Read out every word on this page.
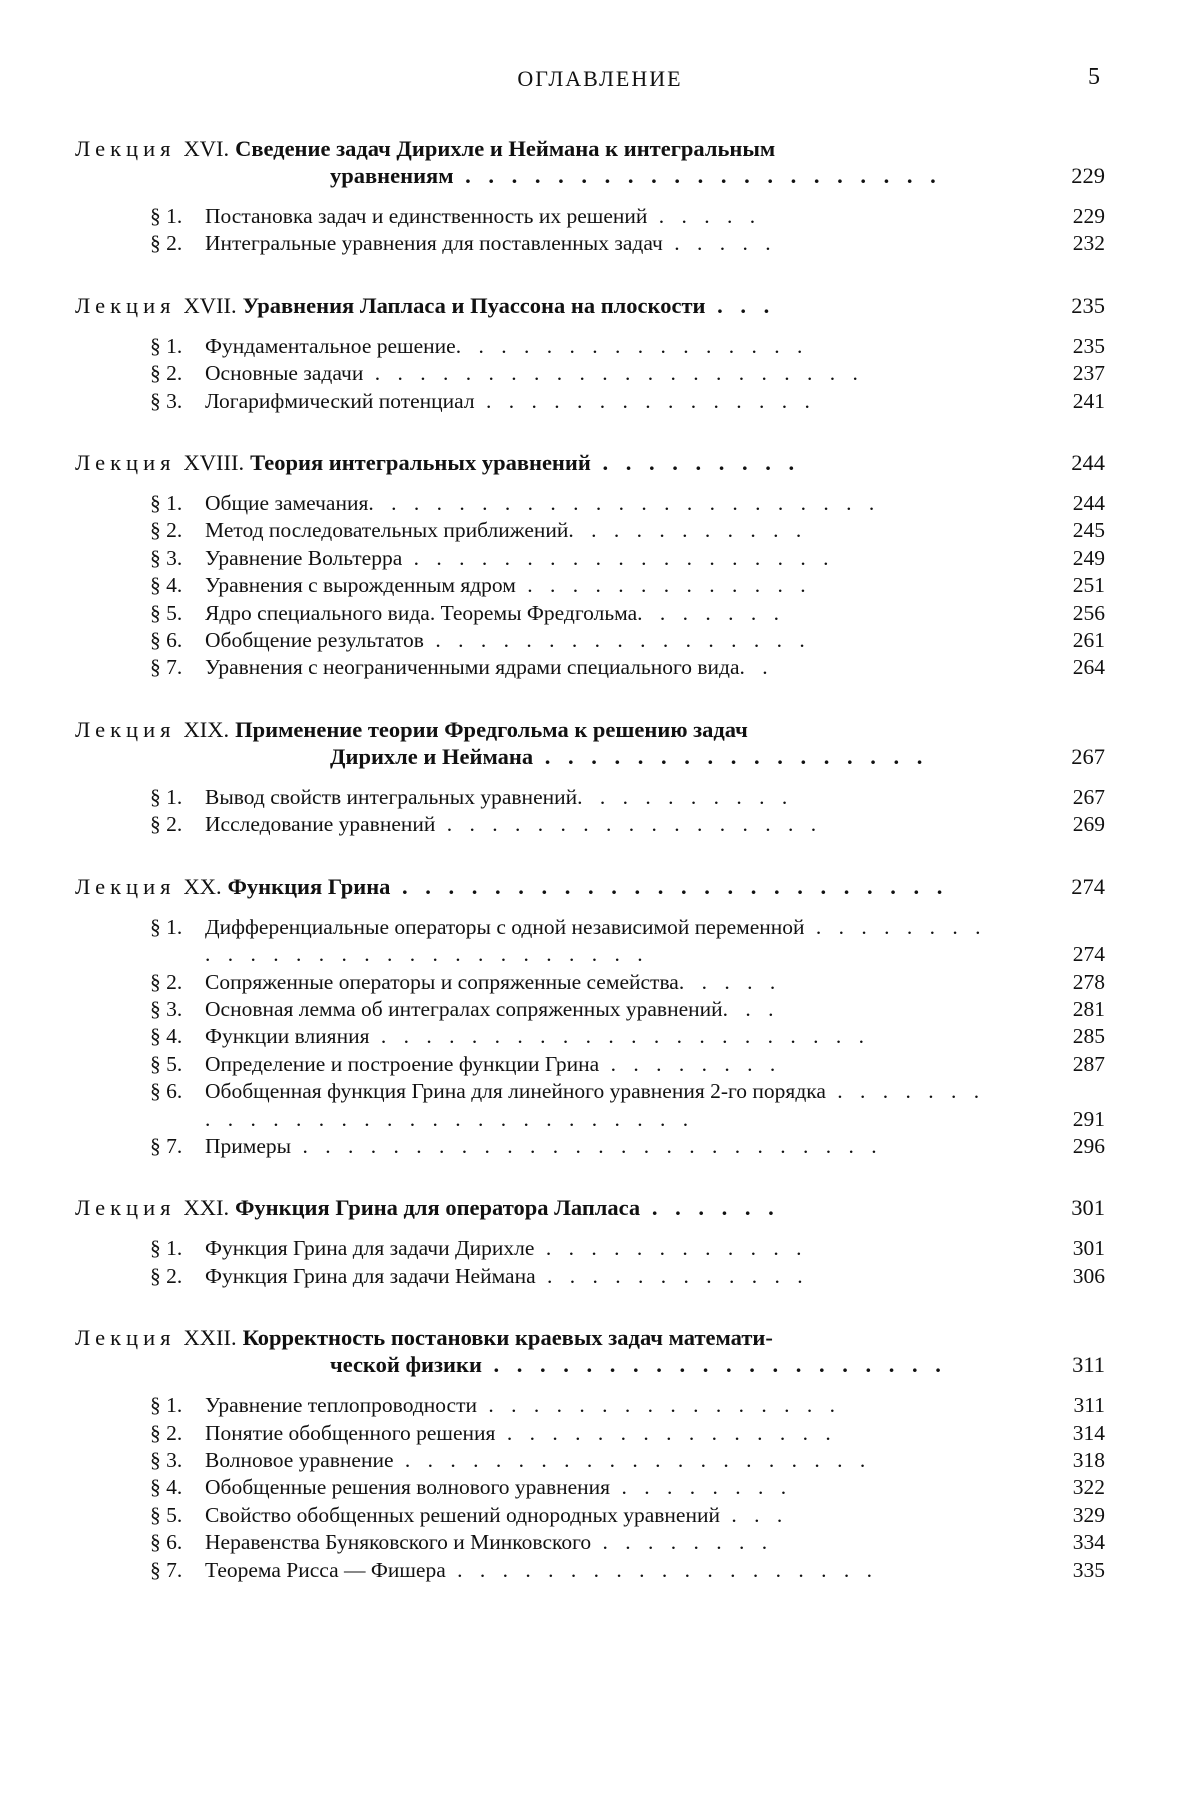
ОГЛАВЛЕНИЕ	5
Лекция XVI. Сведение задач Дирихле и Неймана к интегральным
уравнениям . . . . . . . . . . . . . . . . . . . . .	229
§ 1.	Постановка задач и единственность их решений . . . . .	229
§ 2.	Интегральные уравнения для поставленных задач . . . . .	232
Лекция XVII. Уравнения Лапласа и Пуассона на плоскости . . .	235
§ 1.	Фундаментальное решение. . . . . . . . . . . . . . . .	235
§ 2.	Основные задачи . . . . . . . . . . . . . . . . . . . . . .	237
§ 3.	Логарифмический потенциал . . . . . . . . . . . . . . .	241
Лекция XVIII. Теория интегральных уравнений . . . . . . . . .	244
§ 1.	Общие замечания. . . . . . . . . . . . . . . . . . . . . . .	244
§ 2.	Метод последовательных приближений. . . . . . . . . . .	245
§ 3.	Уравнение Вольтерра . . . . . . . . . . . . . . . . . . .	249
§ 4.	Уравнения с вырожденным ядром . . . . . . . . . . . . .	251
§ 5.	Ядро специального вида. Теоремы Фредгольма. . . . . . .	256
§ 6.	Обобщение результатов . . . . . . . . . . . . . . . . .	261
§ 7.	Уравнения с неограниченными ядрами специального вида. .	264
Лекция XIX. Применение теории Фредгольма к решению задач
Дирихле и Неймана . . . . . . . . . . . . . . . . .	267
§ 1.	Вывод свойств интегральных уравнений. . . . . . . . . .	267
§ 2.	Исследование уравнений . . . . . . . . . . . . . . . . .	269
Лекция XX. Функция Грина . . . . . . . . . . . . . . . . . . . . . . . .	274
§ 1.	Дифференциальные операторы с одной независимой переменной . . . . . . . . . . . . . . . . . . . . . . . . . . . .	274
§ 2.	Сопряженные операторы и сопряженные семейства. . . . .	278
§ 3.	Основная лемма об интегралах сопряженных уравнений. . .	281
§ 4.	Функции влияния . . . . . . . . . . . . . . . . . . . . . .	285
§ 5.	Определение и построение функции Грина . . . . . . . .	287
§ 6.	Обобщенная функция Грина для линейного уравнения 2-го порядка . . . . . . . . . . . . . . . . . . . . . . . . . . . . .	291
§ 7.	Примеры . . . . . . . . . . . . . . . . . . . . . . . . . .	296
Лекция XXI. Функция Грина для оператора Лапласа . . . . . .	301
§ 1.	Функция Грина для задачи Дирихле . . . . . . . . . . . .	301
§ 2.	Функция Грина для задачи Неймана . . . . . . . . . . . .	306
Лекция XXII. Корректность постановки краевых задач математи-
ческой физики . . . . . . . . . . . . . . . . . . . .	311
§ 1.	Уравнение теплопроводности . . . . . . . . . . . . . . . .	311
§ 2.	Понятие обобщенного решения . . . . . . . . . . . . . . .	314
§ 3.	Волновое уравнение . . . . . . . . . . . . . . . . . . . . .	318
§ 4.	Обобщенные решения волнового уравнения . . . . . . . .	322
§ 5.	Свойство обобщенных решений однородных уравнений . . .	329
§ 6.	Неравенства Буняковского и Минковского . . . . . . . .	334
§ 7.	Теорема Рисса — Фишера . . . . . . . . . . . . . . . . . . .	335
